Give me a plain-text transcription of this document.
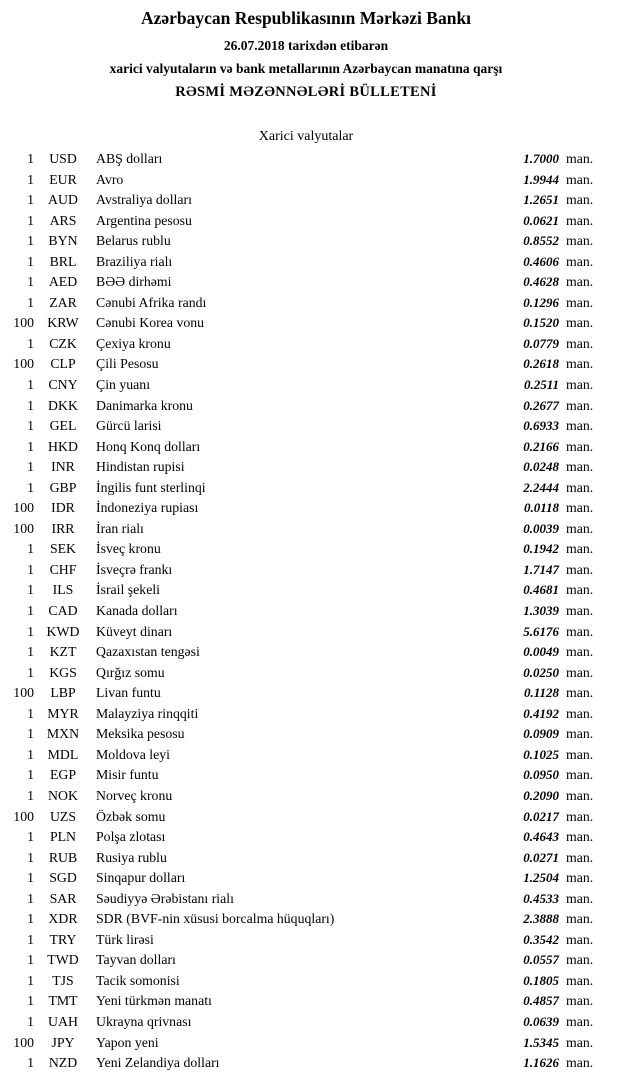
Azərbaycan Respublikasının Mərkəzi Bankı
26.07.2018 tarixdən etibarən
xarici valyutaların və bank metallarının Azərbaycan manatına qarşı
RƏSMİ MƏZƏNNƏLƏRİ BÜLLETENİ
Xarici valyutalar
1	USD	ABŞ dolları	1.7000 man.
1	EUR	Avro	1.9944 man.
1	AUD	Avstraliya dolları	1.2651 man.
1	ARS	Argentina pesosu	0.0621 man.
1	BYN	Belarus rublu	0.8552 man.
1	BRL	Braziliya rialı	0.4606 man.
1	AED	BƏƏ dirhəmi	0.4628 man.
1	ZAR	Cənubi Afrika randı	0.1296 man.
100 KRW	Cənubi Korea vonu	0.1520 man.
1	CZK	Çexiya kronu	0.0779 man.
100	CLP	Çili Pesosu	0.2618 man.
1	CNY	Çin yuanı	0.2511 man.
1	DKK	Danimarka kronu	0.2677 man.
1	GEL	Gürcü larisi	0.6933 man.
1	HKD	Honq Konq dolları	0.2166 man.
1	INR	Hindistan rupisi	0.0248 man.
1	GBP	İngilis funt sterlinqi	2.2444 man.
100	IDR	İndoneziya rupiası	0.0118 man.
100	IRR	İran rialı	0.0039 man.
1	SEK	İsveç kronu	0.1942 man.
1	CHF	İsveçrə frankı	1.7147 man.
1	ILS	İsrail şekeli	0.4681 man.
1	CAD	Kanada dolları	1.3039 man.
1 KWD	Küveyt dinarı	5.6176 man.
1	KZT	Qazaxıstan tengəsi	0.0049 man.
1	KGS	Qırğız somu	0.0250 man.
100	LBP	Livan funtu	0.1128 man.
1 MYR	Malayziya rinqqiti	0.4192 man.
1 MXN	Meksika pesosu	0.0909 man.
1 MDL	Moldova leyi	0.1025 man.
1	EGP	Misir funtu	0.0950 man.
1	NOK	Norveç kronu	0.2090 man.
100	UZS	Özbək somu	0.0217 man.
1	PLN	Polşa zlotası	0.4643 man.
1	RUB	Rusiya rublu	0.0271 man.
1	SGD	Sinqapur dolları	1.2504 man.
1	SAR	Səudiyyə Ərəbistanı rialı	0.4533 man.
1	XDR	SDR (BVF-nin xüsusi borcalma hüquqları)	2.3888 man.
1	TRY	Türk lirəsi	0.3542 man.
1 TWD	Tayvan dolları	0.0557 man.
1	TJS	Tacik somonisi	0.1805 man.
1	TMT	Yeni türkmən manatı	0.4857 man.
1	UAH	Ukrayna qrivnası	0.0639 man.
100	JPY	Yapon yeni	1.5345 man.
1	NZD	Yeni Zelandiya dolları	1.1626 man.
